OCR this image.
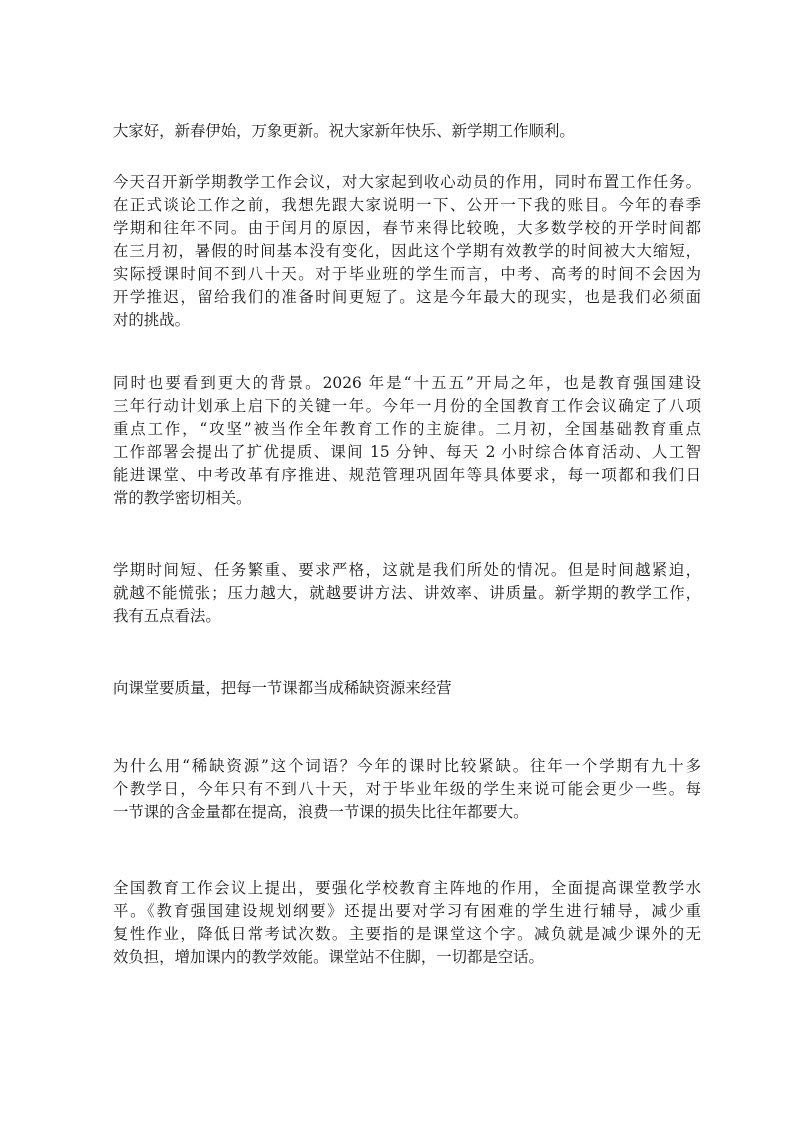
大家好，新春伊始，万象更新。祝大家新年快乐、新学期工作顺利。
今天召开新学期教学工作会议，对大家起到收心动员的作用，同时布置工作任务。
在正式谈论工作之前，我想先跟大家说明一下、公开一下我的账目。今年的春季
学期和往年不同。由于闰月的原因，春节来得比较晚，大多数学校的开学时间都
在三月初，暑假的时间基本没有变化，因此这个学期有效教学的时间被大大缩短，
实际授课时间不到八十天。对于毕业班的学生而言，中考、高考的时间不会因为
开学推迟，留给我们的准备时间更短了。这是今年最大的现实，也是我们必须面
对的挑战。
同时也要看到更大的背景。2026 年是“十五五”开局之年，也是教育强国建设
三年行动计划承上启下的关键一年。今年一月份的全国教育工作会议确定了八项
重点工作，“攻坚”被当作全年教育工作的主旋律。二月初，全国基础教育重点
工作部署会提出了扩优提质、课间 15 分钟、每天 2 小时综合体育活动、人工智
能进课堂、中考改革有序推进、规范管理巩固年等具体要求，每一项都和我们日
常的教学密切相关。
学期时间短、任务繁重、要求严格，这就是我们所处的情况。但是时间越紧迫，
就越不能慌张；压力越大，就越要讲方法、讲效率、讲质量。新学期的教学工作，
我有五点看法。
向课堂要质量，把每一节课都当成稀缺资源来经营
为什么用“稀缺资源”这个词语？今年的课时比较紧缺。往年一个学期有九十多
个教学日，今年只有不到八十天，对于毕业年级的学生来说可能会更少一些。每
一节课的含金量都在提高，浪费一节课的损失比往年都要大。
全国教育工作会议上提出，要强化学校教育主阵地的作用，全面提高课堂教学水
平。《教育强国建设规划纲要》还提出要对学习有困难的学生进行辅导，减少重
复性作业，降低日常考试次数。主要指的是课堂这个字。减负就是减少课外的无
效负担，增加课内的教学效能。课堂站不住脚，一切都是空话。
